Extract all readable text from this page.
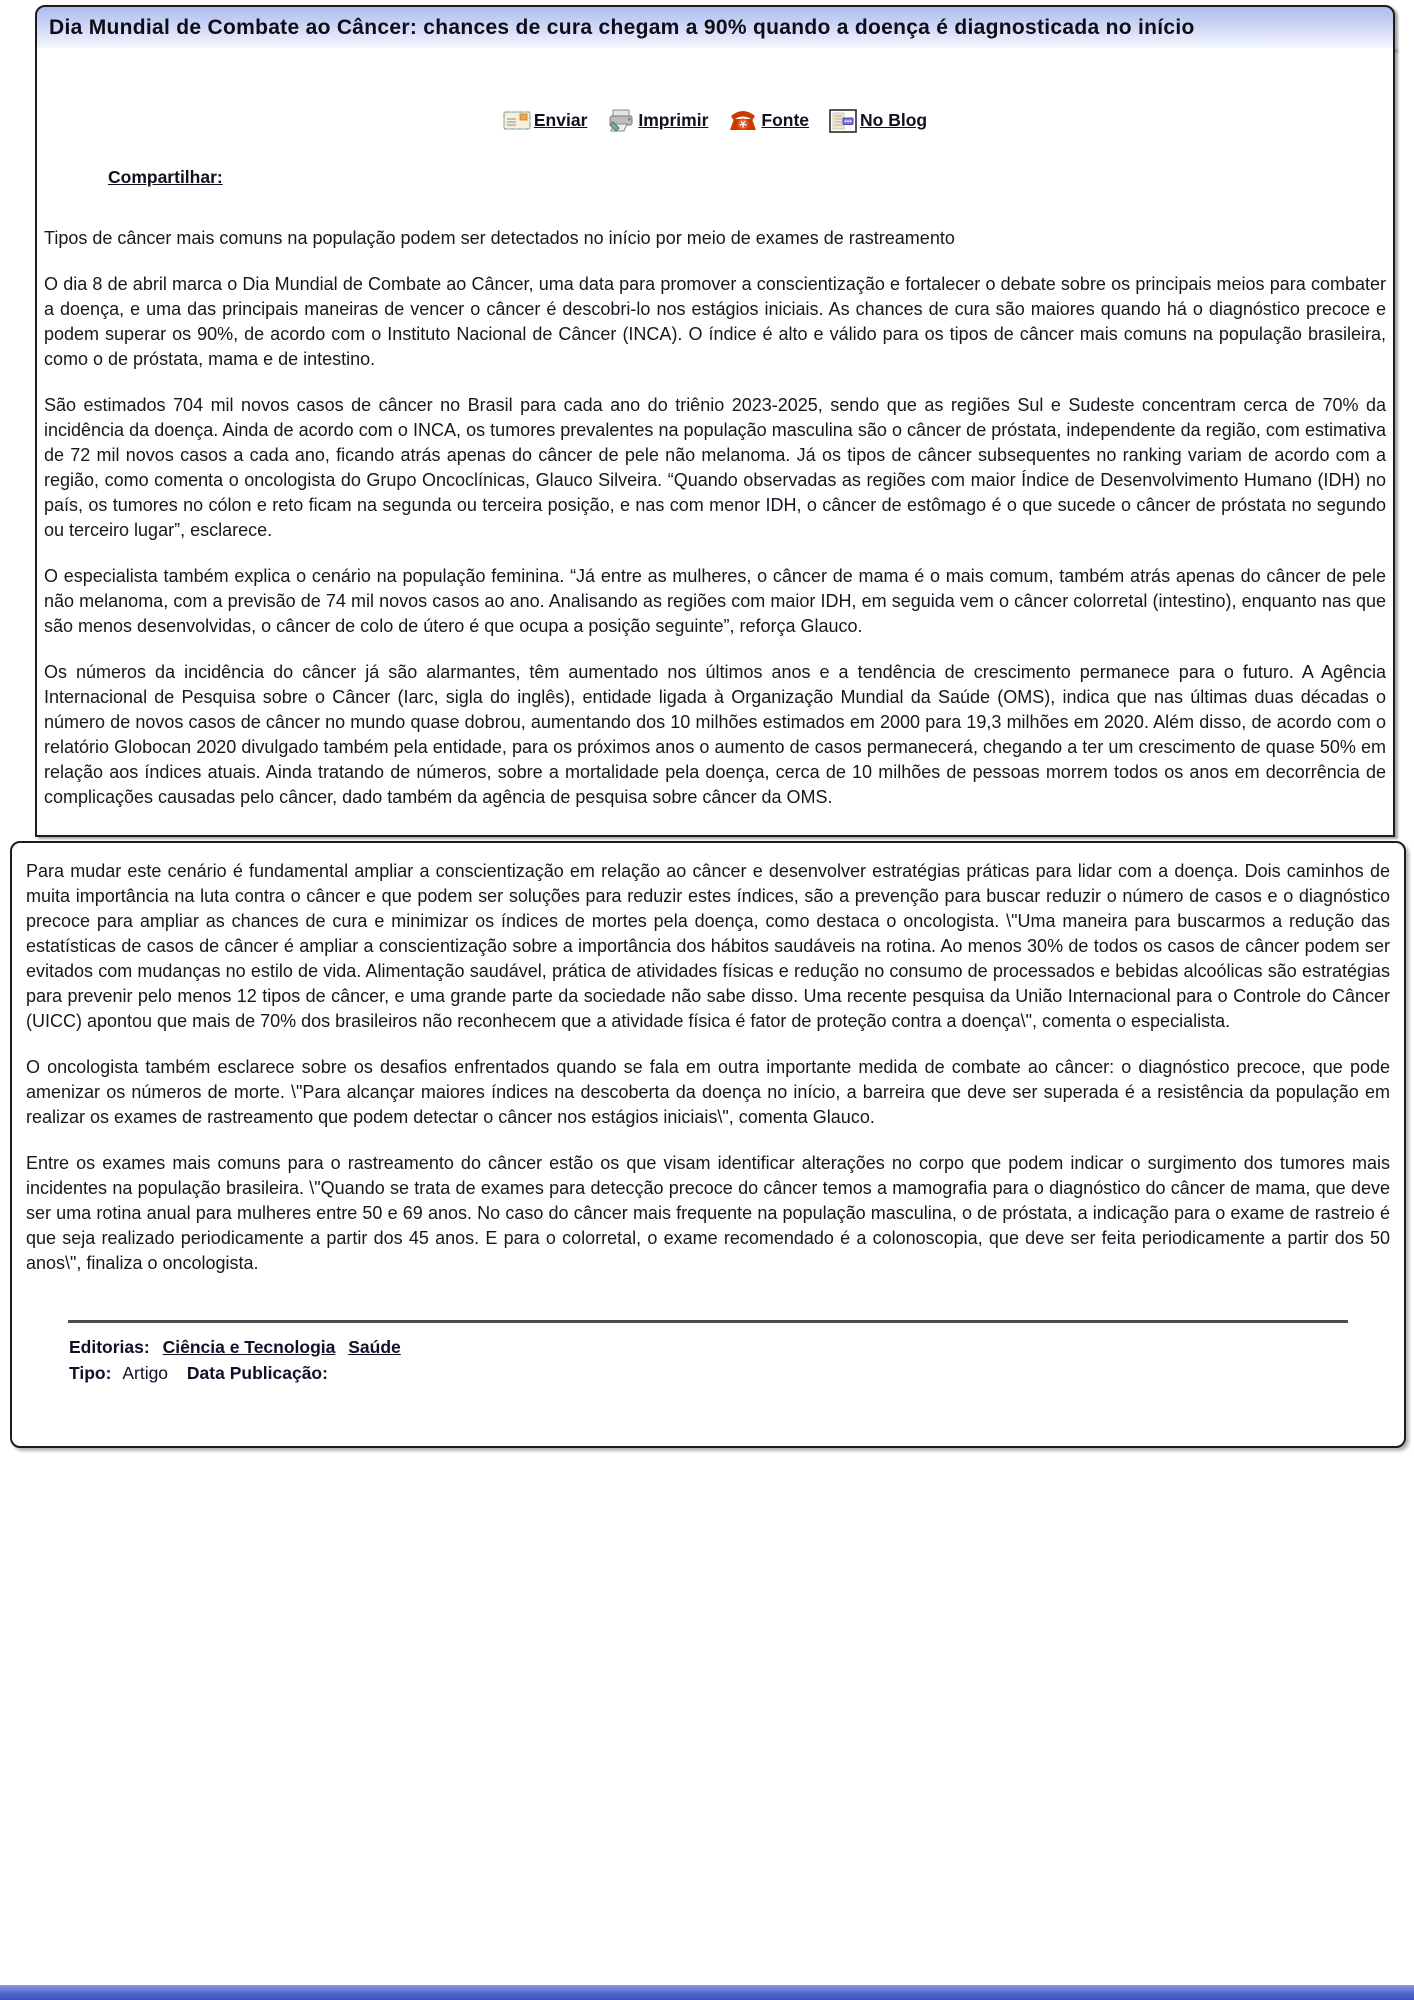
Dia Mundial de Combate ao Câncer: chances de cura chegam a 90% quando a doença é diagnosticada no início
Enviar	Imprimir	Fonte	No Blog
Compartilhar:

Tipos de câncer mais comuns na população podem ser detectados no início por meio de exames de rastreamento

O dia 8 de abril marca o Dia Mundial de Combate ao Câncer, uma data para promover a conscientização e fortalecer o debate sobre os principais meios para combater a doença, e uma das principais maneiras de vencer o câncer é descobri-lo nos estágios iniciais. As chances de cura são maiores quando há o diagnóstico precoce e podem superar os 90%, de acordo com o Instituto Nacional de Câncer (INCA). O índice é alto e válido para os tipos de câncer mais comuns na população brasileira, como o de próstata, mama e de intestino.

São estimados 704 mil novos casos de câncer no Brasil para cada ano do triênio 2023-2025, sendo que as regiões Sul e Sudeste concentram cerca de 70% da incidência da doença. Ainda de acordo com o INCA, os tumores prevalentes na população masculina são o câncer de próstata, independente da região, com estimativa de 72 mil novos casos a cada ano, ficando atrás apenas do câncer de pele não melanoma. Já os tipos de câncer subsequentes no ranking variam de acordo com a região, como comenta o oncologista do Grupo Oncoclínicas, Glauco Silveira. “Quando observadas as regiões com maior Índice de Desenvolvimento Humano (IDH) no país, os tumores no cólon e reto ficam na segunda ou terceira posição, e nas com menor IDH, o câncer de estômago é o que sucede o câncer de próstata no segundo ou terceiro lugar”, esclarece.

O especialista também explica o cenário na população feminina. “Já entre as mulheres, o câncer de mama é o mais comum, também atrás apenas do câncer de pele não melanoma, com a previsão de 74 mil novos casos ao ano. Analisando as regiões com maior IDH, em seguida vem o câncer colorretal (intestino), enquanto nas que são menos desenvolvidas, o câncer de colo de útero é que ocupa a posição seguinte”, reforça Glauco.

Os números da incidência do câncer já são alarmantes, têm aumentado nos últimos anos e a tendência de crescimento permanece para o futuro. A Agência Internacional de Pesquisa sobre o Câncer (Iarc, sigla do inglês), entidade ligada à Organização Mundial da Saúde (OMS), indica que nas últimas duas décadas o número de novos casos de câncer no mundo quase dobrou, aumentando dos 10 milhões estimados em 2000 para 19,3 milhões em 2020. Além disso, de acordo com o relatório Globocan 2020 divulgado também pela entidade, para os próximos anos o aumento de casos permanecerá, chegando a ter um crescimento de quase 50% em relação aos índices atuais. Ainda tratando de números, sobre a mortalidade pela doença, cerca de 10 milhões de pessoas morrem todos os anos em decorrência de complicações causadas pelo câncer, dado também da agência de pesquisa sobre câncer da OMS.

Para mudar este cenário é fundamental ampliar a conscientização em relação ao câncer e desenvolver estratégias práticas para lidar com a doença. Dois caminhos de muita importância na luta contra o câncer e que podem ser soluções para reduzir estes índices, são a prevenção para buscar reduzir o número de casos e o diagnóstico precoce para ampliar as chances de cura e minimizar os índices de mortes pela doença, como destaca o oncologista. \"Uma maneira para buscarmos a redução das estatísticas de casos de câncer é ampliar a conscientização sobre a importância dos hábitos saudáveis na rotina. Ao menos 30% de todos os casos de câncer podem ser evitados com mudanças no estilo de vida. Alimentação saudável, prática de atividades físicas e redução no consumo de processados e bebidas alcoólicas são estratégias para prevenir pelo menos 12 tipos de câncer, e uma grande parte da sociedade não sabe disso. Uma recente pesquisa da União Internacional para o Controle do Câncer (UICC) apontou que mais de 70% dos brasileiros não reconhecem que a atividade física é fator de proteção contra a doença\", comenta o especialista.

O oncologista também esclarece sobre os desafios enfrentados quando se fala em outra importante medida de combate ao câncer: o diagnóstico precoce, que pode amenizar os números de morte. \"Para alcançar maiores índices na descoberta da doença no início, a barreira que deve ser superada é a resistência da população em realizar os exames de rastreamento que podem detectar o câncer nos estágios iniciais\", comenta Glauco.

Entre os exames mais comuns para o rastreamento do câncer estão os que visam identificar alterações no corpo que podem indicar o surgimento dos tumores mais incidentes na população brasileira. \"Quando se trata de exames para detecção precoce do câncer temos a mamografia para o diagnóstico do câncer de mama, que deve ser uma rotina anual para mulheres entre 50 e 69 anos. No caso do câncer mais frequente na população masculina, o de próstata, a indicação para o exame de rastreio é que seja realizado periodicamente a partir dos 45 anos. E para o colorretal, o exame recomendado é a colonoscopia, que deve ser feita periodicamente a partir dos 50 anos\", finaliza o oncologista.

Editorias: Ciência e Tecnologia Saúde
Tipo: Artigo Data Publicação:
